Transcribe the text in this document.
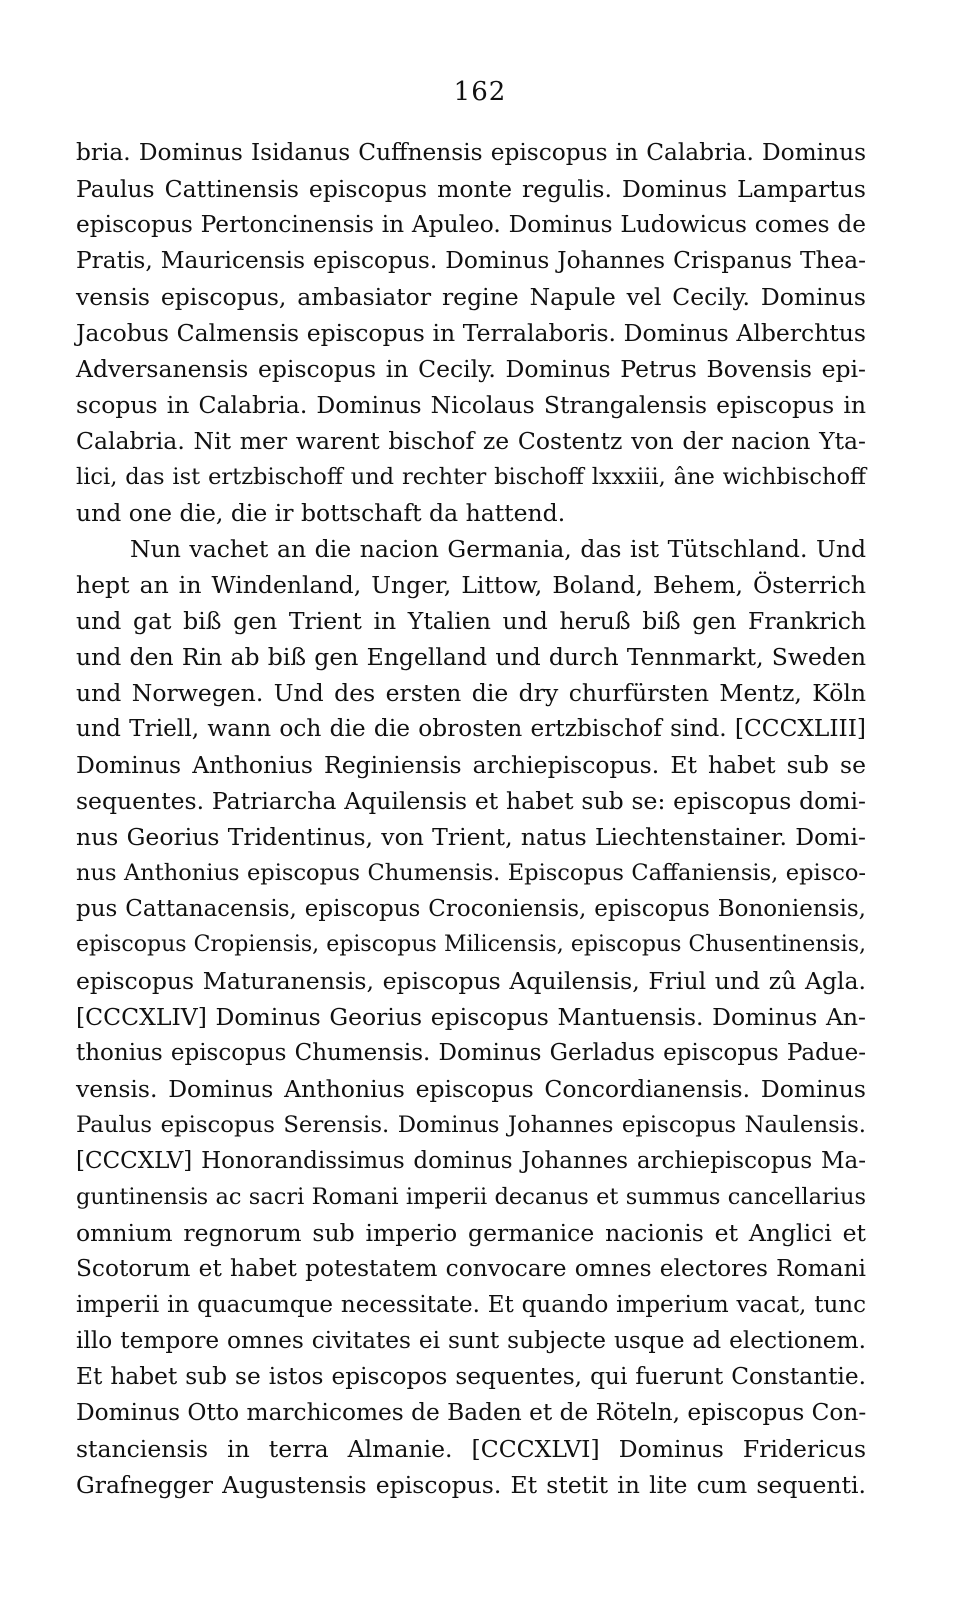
162
bria. Dominus Isidanus Cuffnensis episcopus in Calabria. Dominus
Paulus Cattinensis episcopus monte regulis. Dominus Lampartus
episcopus Pertoncinensis in Apuleo. Dominus Ludowicus comes de
Pratis, Mauricensis episcopus. Dominus Johannes Crispanus Thea-
vensis episcopus, ambasiator regine Napule vel Cecily. Dominus
Jacobus Calmensis episcopus in Terralaboris. Dominus Alberchtus
Adversanensis episcopus in Cecily. Dominus Petrus Bovensis epi-
scopus in Calabria. Dominus Nicolaus Strangalensis episcopus in
Calabria. Nit mer warent bischof ze Costentz von der nacion Yta-
lici, das ist ertzbischoff und rechter bischoff lxxxiii, âne wichbischoff
und one die, die ir bottschaft da hattend.
Nun vachet an die nacion Germania, das ist Tütschland. Und
hept an in Windenland, Unger, Littow, Boland, Behem, Österrich
und gat biß gen Trient in Ytalien und heruß biß gen Frankrich
und den Rin ab biß gen Engelland und durch Tennmarkt, Sweden
und Norwegen. Und des ersten die dry churfürsten Mentz, Köln
und Triell, wann och die die obrosten ertzbischof sind. [CCCXLIII]
Dominus Anthonius Reginiensis archiepiscopus. Et habet sub se
sequentes. Patriarcha Aquilensis et habet sub se: episcopus domi-
nus Georius Tridentinus, von Trient, natus Liechtenstainer. Domi-
nus Anthonius episcopus Chumensis. Episcopus Caffaniensis, episco-
pus Cattanacensis, episcopus Croconiensis, episcopus Bononiensis,
episcopus Cropiensis, episcopus Milicensis, episcopus Chusentinensis,
episcopus Maturanensis, episcopus Aquilensis, Friul und zû Agla.
[CCCXLIV] Dominus Georius episcopus Mantuensis. Dominus An-
thonius episcopus Chumensis. Dominus Gerladus episcopus Padue-
vensis. Dominus Anthonius episcopus Concordianensis. Dominus
Paulus episcopus Serensis. Dominus Johannes episcopus Naulensis.
[CCCXLV] Honorandissimus dominus Johannes archiepiscopus Ma-
guntinensis ac sacri Romani imperii decanus et summus cancellarius
omnium regnorum sub imperio germanice nacionis et Anglici et
Scotorum et habet potestatem convocare omnes electores Romani
imperii in quacumque necessitate. Et quando imperium vacat, tunc
illo tempore omnes civitates ei sunt subjecte usque ad electionem.
Et habet sub se istos episcopos sequentes, qui fuerunt Constantie.
Dominus Otto marchicomes de Baden et de Röteln, episcopus Con-
stanciensis in terra Almanie. [CCCXLVI] Dominus Fridericus
Grafnegger Augustensis episcopus. Et stetit in lite cum sequenti.
